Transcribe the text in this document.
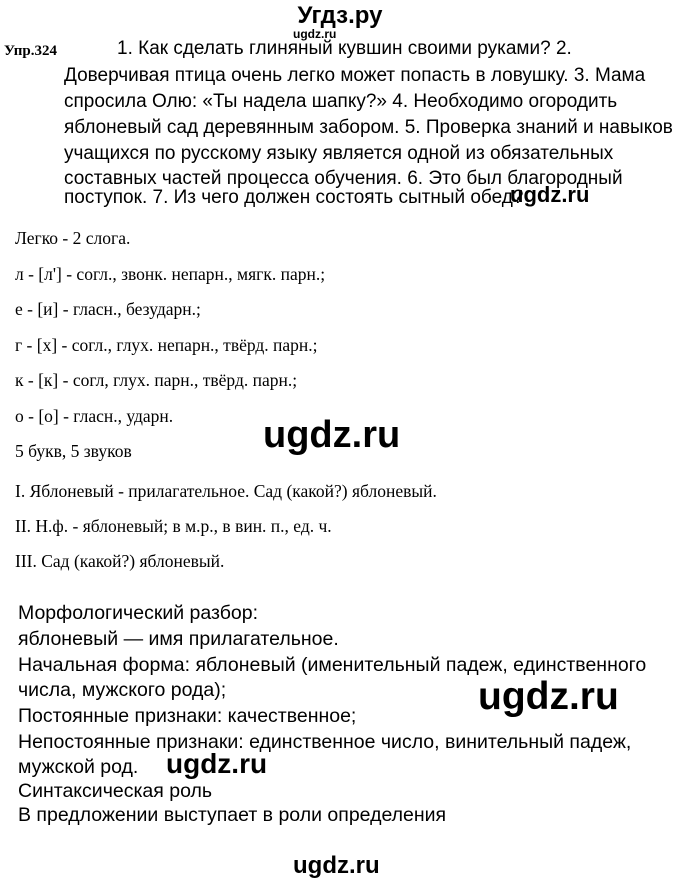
Угдз.ру
Упр.324
ugdz.ru
1. Как сделать глиняный кувшин своими руками? 2.
Доверчивая птица очень легко может попасть в ловушку. 3. Мама
спросила Олю: «Ты надела шапку?» 4. Необходимо огородить
яблоневый сад деревянным забором. 5. Проверка знаний и навыков
учащихся по русскому языку является одной из обязательных
составных частей процесса обучения. 6. Это был благородный
поступок. 7. Из чего должен состоять сытный обед?
ugdz.ru
Легко - 2 слога.
л - [л'] - согл., звонк. непарн., мягк. парн.;
е - [и] - гласн., безударн.;
г - [х] - согл., глух. непарн., твёрд. парн.;
к - [к] - согл, глух. парн., твёрд. парн.;
о - [о] - гласн., ударн.
5 букв, 5 звуков	ugdz.ru
I. Яблоневый - прилагательное. Сад (какой?) яблоневый.
II. Н.ф. - яблоневый; в м.р., в вин. п., ед. ч.
III. Сад (какой?) яблоневый.
Морфологический разбор:
яблоневый — имя прилагательное.
Начальная форма: яблоневый (именительный падеж, единственного
числа, мужского рода);
Постоянные признаки: качественное;
Непостоянные признаки: единственное число, винительный падеж,
мужской род.
Синтаксическая роль
В предложении выступает в роли определения
ugdz.ru
ugdz.ru
ugdz.ru
